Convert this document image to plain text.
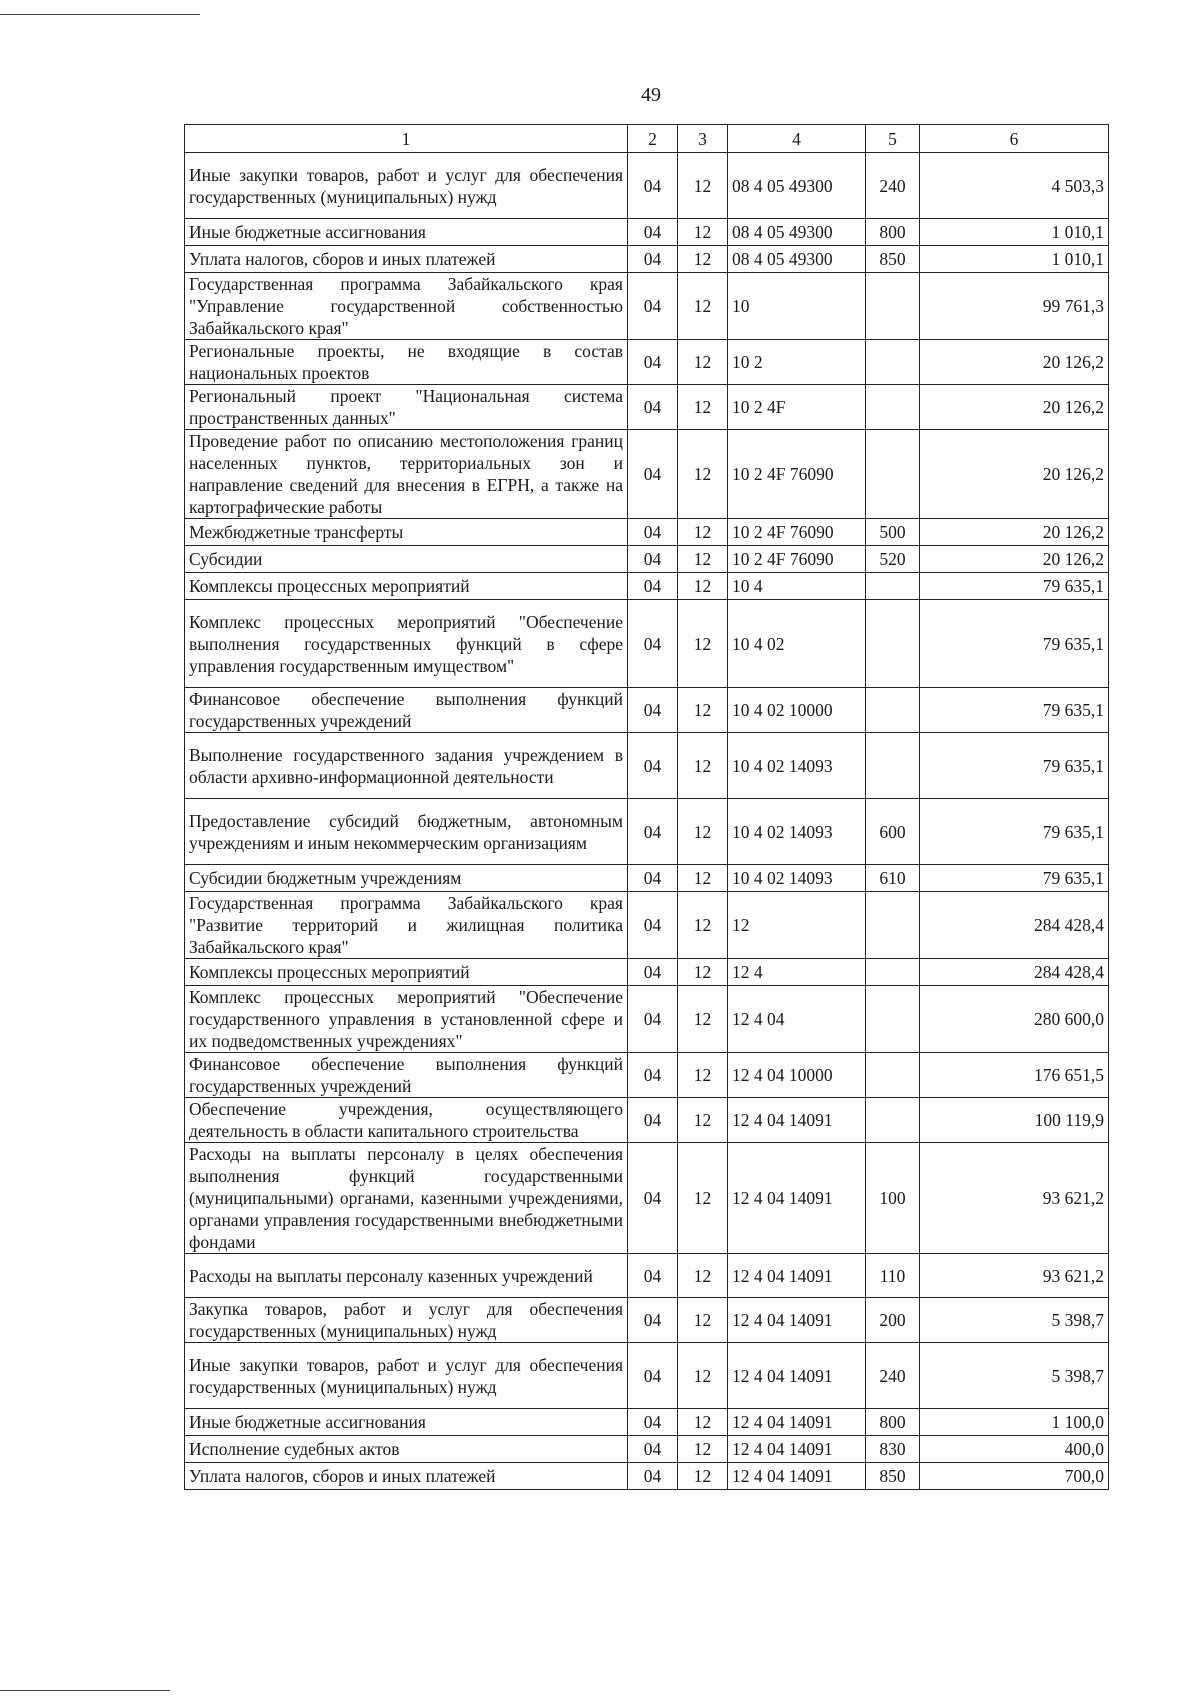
49
1	2	3	4	5	6
Иные закупки товаров, работ и услуг для обеспечения государственных (муниципальных) нужд	04	12	08 4 05 49300	240	4 503,3
Иные бюджетные ассигнования	04	12	08 4 05 49300	800	1 010,1
Уплата налогов, сборов и иных платежей	04	12	08 4 05 49300	850	1 010,1
Государственная программа Забайкальского края "Управление государственной собственностью Забайкальского края"	04	12	10		99 761,3
Региональные проекты, не входящие в состав национальных проектов	04	12	10 2		20 126,2
Региональный проект "Национальная система пространственных данных"	04	12	10 2 4F		20 126,2
Проведение работ по описанию местоположения границ населенных пунктов, территориальных зон и направление сведений для внесения в ЕГРН, а также на картографические работы	04	12	10 2 4F 76090		20 126,2
Межбюджетные трансферты	04	12	10 2 4F 76090	500	20 126,2
Субсидии	04	12	10 2 4F 76090	520	20 126,2
Комплексы процессных мероприятий	04	12	10 4		79 635,1
Комплекс процессных мероприятий "Обеспечение выполнения государственных функций в сфере управления государственным имуществом"	04	12	10 4 02		79 635,1
Финансовое обеспечение выполнения функций государственных учреждений	04	12	10 4 02 10000		79 635,1
Выполнение государственного задания учреждением в области архивно-информационной деятельности	04	12	10 4 02 14093		79 635,1
Предоставление субсидий бюджетным, автономным учреждениям и иным некоммерческим организациям	04	12	10 4 02 14093	600	79 635,1
Субсидии бюджетным учреждениям	04	12	10 4 02 14093	610	79 635,1
Государственная программа Забайкальского края "Развитие территорий и жилищная политика Забайкальского края"	04	12	12		284 428,4
Комплексы процессных мероприятий	04	12	12 4		284 428,4
Комплекс процессных мероприятий "Обеспечение государственного управления в установленной сфере и их подведомственных учреждениях"	04	12	12 4 04		280 600,0
Финансовое обеспечение выполнения функций государственных учреждений	04	12	12 4 04 10000		176 651,5
Обеспечение учреждения, осуществляющего деятельность в области капитального строительства	04	12	12 4 04 14091		100 119,9
Расходы на выплаты персоналу в целях обеспечения выполнения функций государственными (муниципальными) органами, казенными учреждениями, органами управления государственными внебюджетными фондами	04	12	12 4 04 14091	100	93 621,2
Расходы на выплаты персоналу казенных учреждений	04	12	12 4 04 14091	110	93 621,2
Закупка товаров, работ и услуг для обеспечения государственных (муниципальных) нужд	04	12	12 4 04 14091	200	5 398,7
Иные закупки товаров, работ и услуг для обеспечения государственных (муниципальных) нужд	04	12	12 4 04 14091	240	5 398,7
Иные бюджетные ассигнования	04	12	12 4 04 14091	800	1 100,0
Исполнение судебных актов	04	12	12 4 04 14091	830	400,0
Уплата налогов, сборов и иных платежей	04	12	12 4 04 14091	850	700,0
